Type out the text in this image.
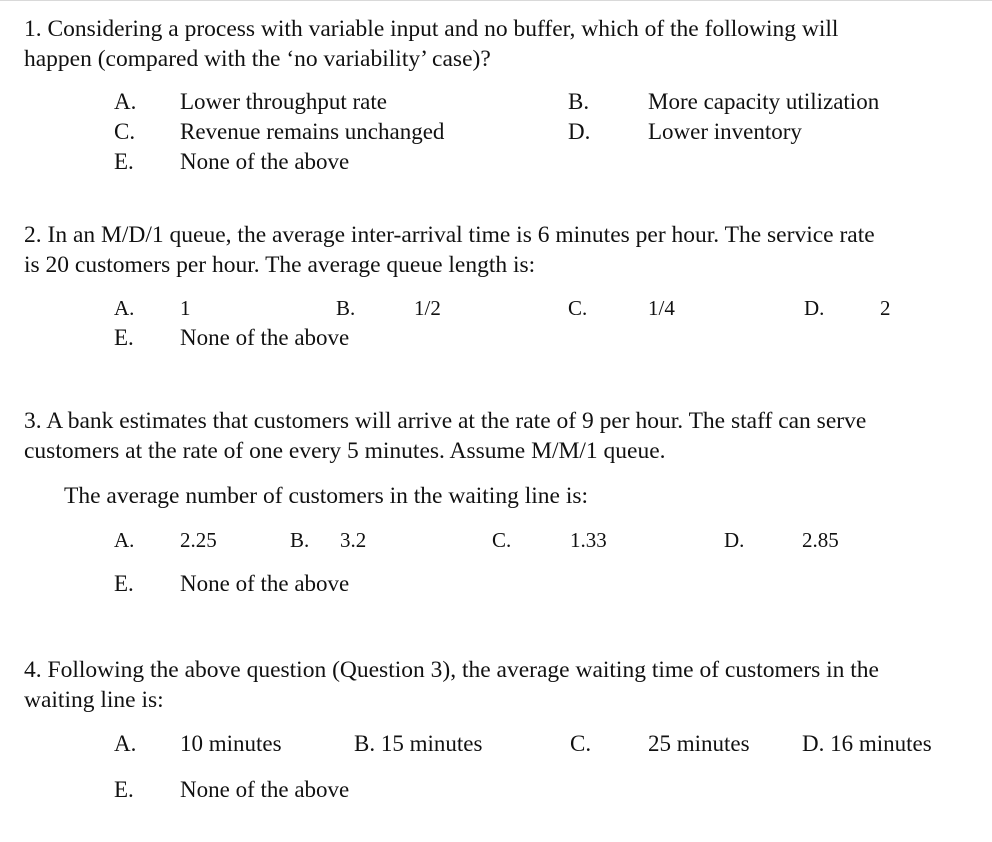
1. Considering a process with variable input and no buffer, which of the following will
happen (compared with the ‘no variability’ case)?
A. Lower throughput rate	B.	More capacity utilization
C. Revenue remains unchanged	D.	Lower inventory
E. None of the above
2. In an M/D/1 queue, the average inter-arrival time is 6 minutes per hour. The service rate
is 20 customers per hour. The average queue length is:
A. 1	B.	1/2	C.	1/4	D.	2
E. None of the above
3. A bank estimates that customers will arrive at the rate of 9 per hour. The staff can serve
customers at the rate of one every 5 minutes. Assume M/M/1 queue.
The average number of customers in the waiting line is:
A. 2.25	B. 3.2	C.	1.33	D.	2.85
E. None of the above
4. Following the above question (Question 3), the average waiting time of customers in the
waiting line is:
A. 10 minutes	B. 15 minutes	C. 25 minutes D. 16 minutes
E. None of the above
